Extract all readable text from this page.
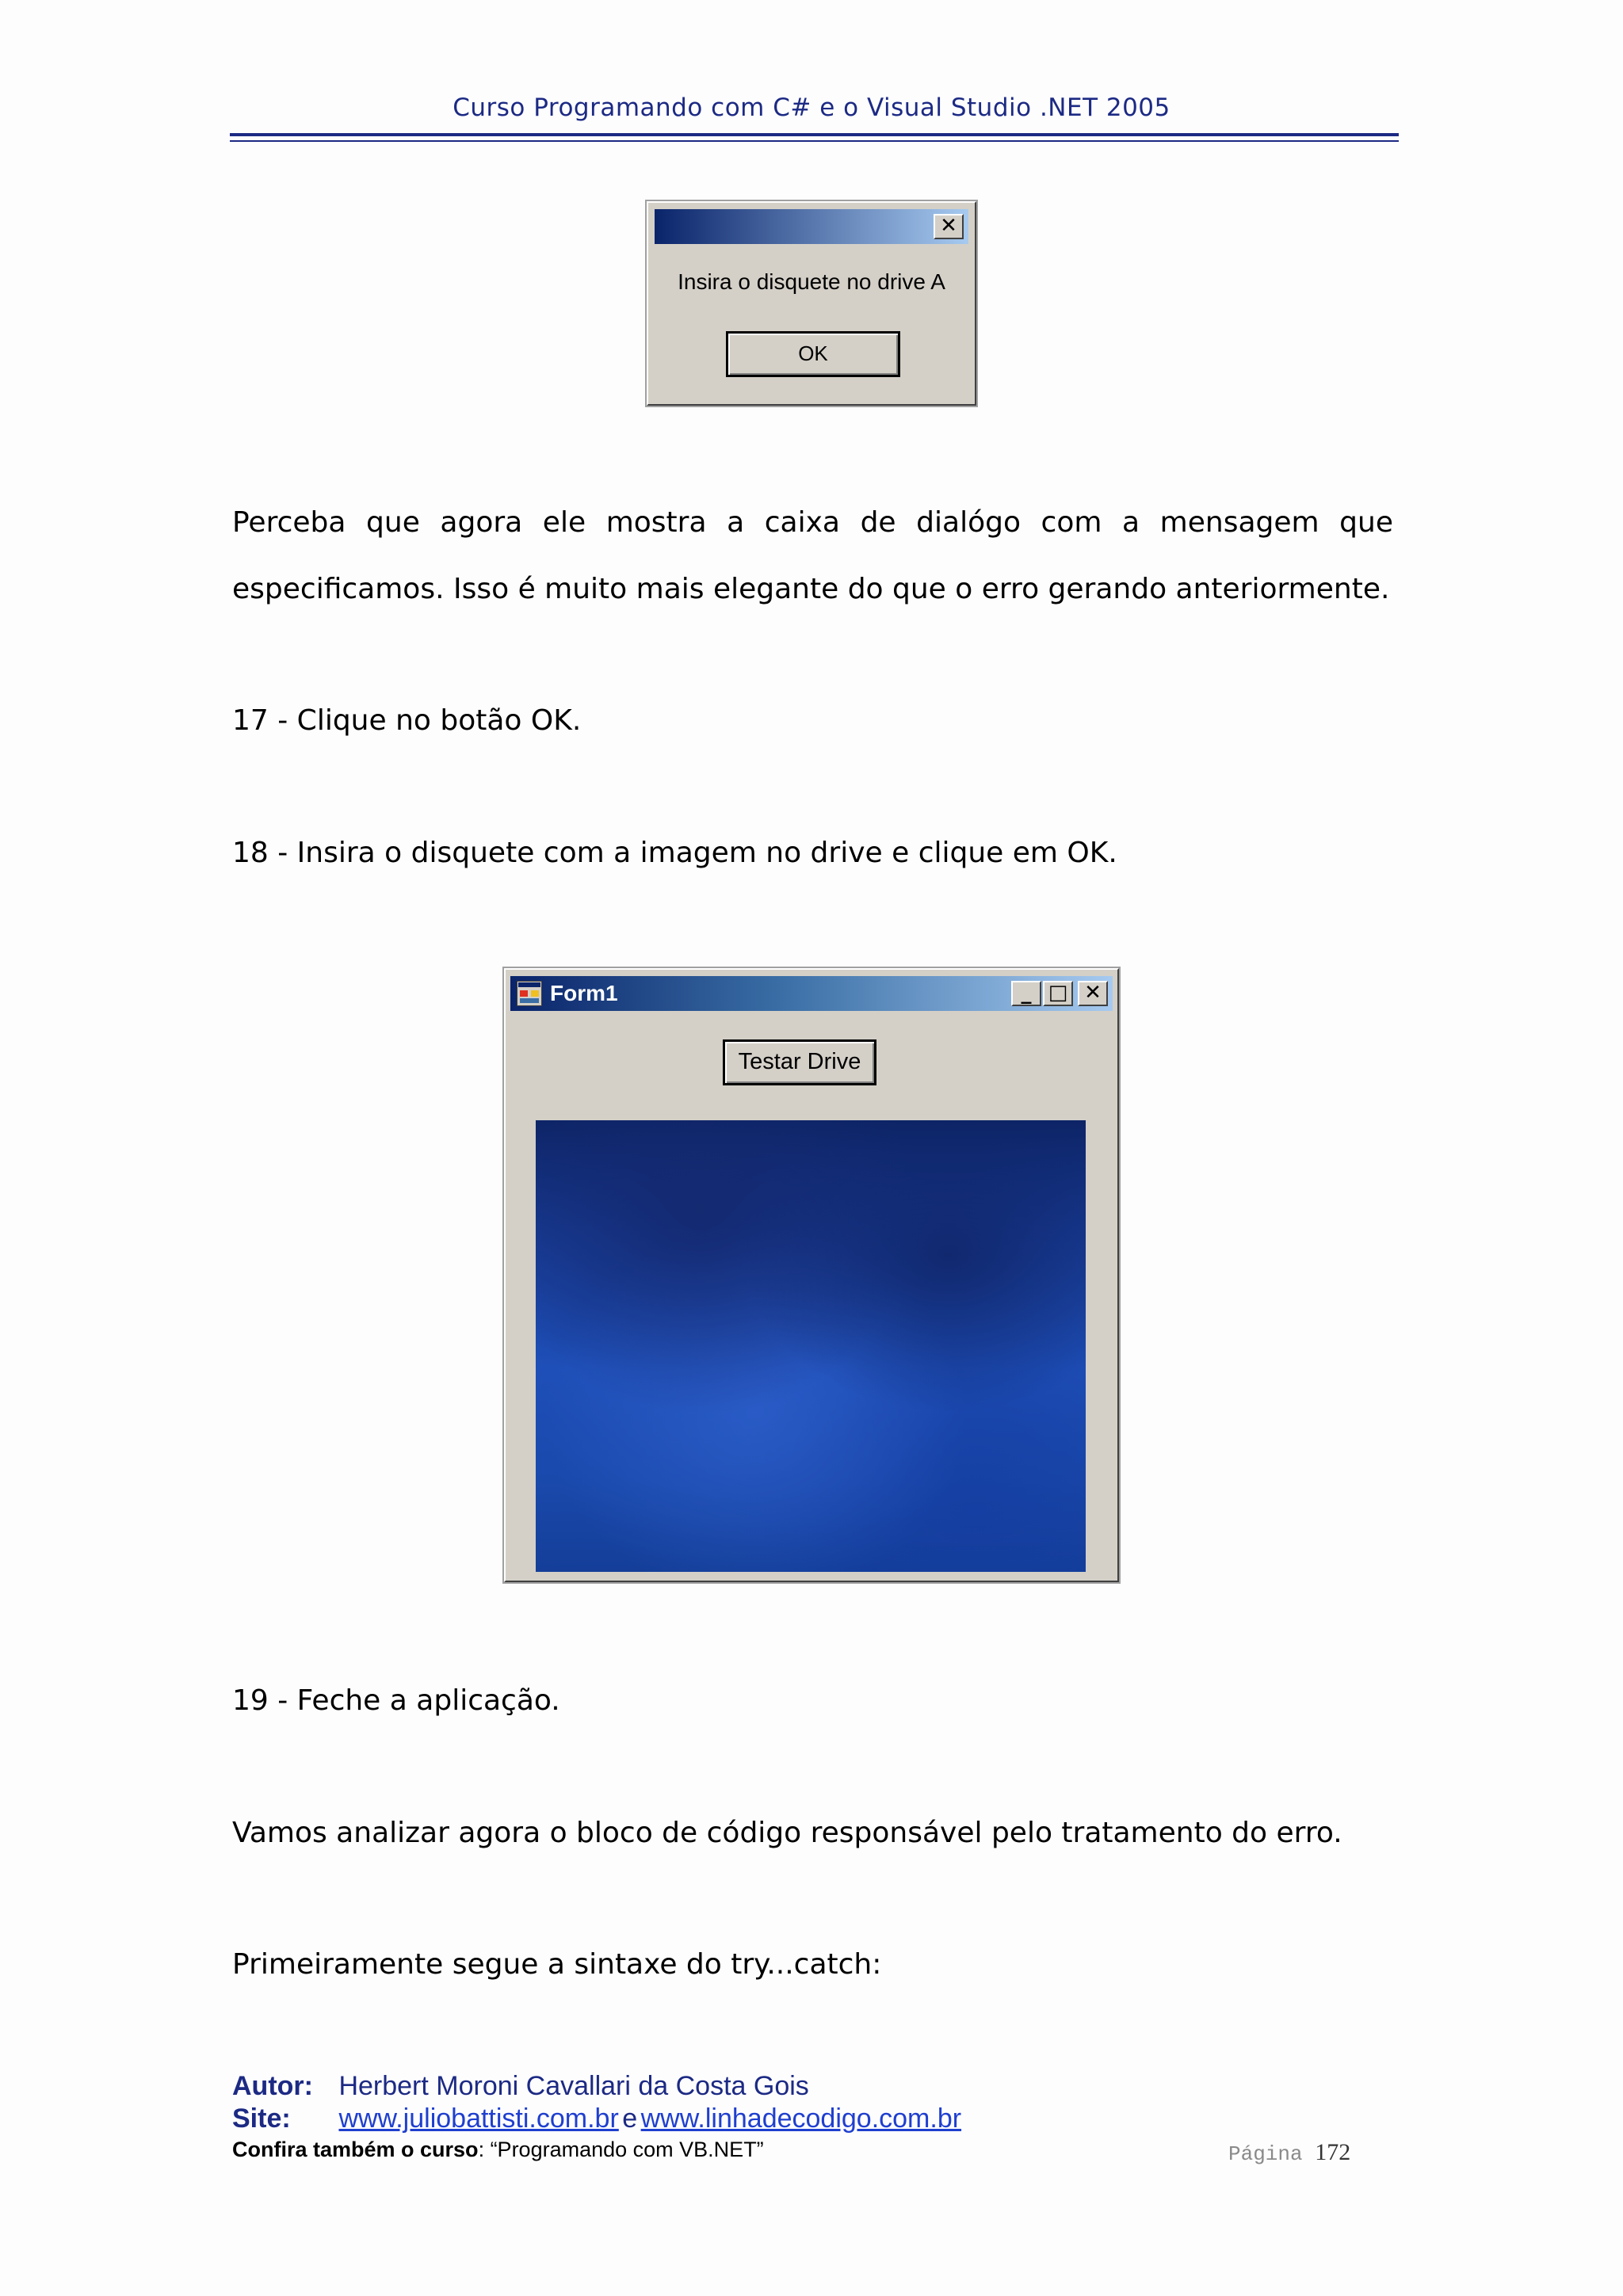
Curso Programando com C# e o Visual Studio .NET 2005
✕
Insira o disquete no drive A
OK
Perceba que agora ele mostra a caixa de dialógo com a mensagem que
especificamos. Isso é muito mais elegante do que o erro gerando anteriormente.
17 - Clique no botão OK.
18 - Insira o disquete com a imagem no drive e clique em OK.
Form1	_ □ ✕
Testar Drive
19 - Feche a aplicação.
Vamos analizar agora o bloco de código responsável pelo tratamento do erro.
Primeiramente segue a sintaxe do try...catch:
Autor: Herbert Moroni Cavallari da Costa Gois
Site: www.juliobattisti.com.br e www.linhadecodigo.com.br
Confira também o curso: “Programando com VB.NET”	Página 172
